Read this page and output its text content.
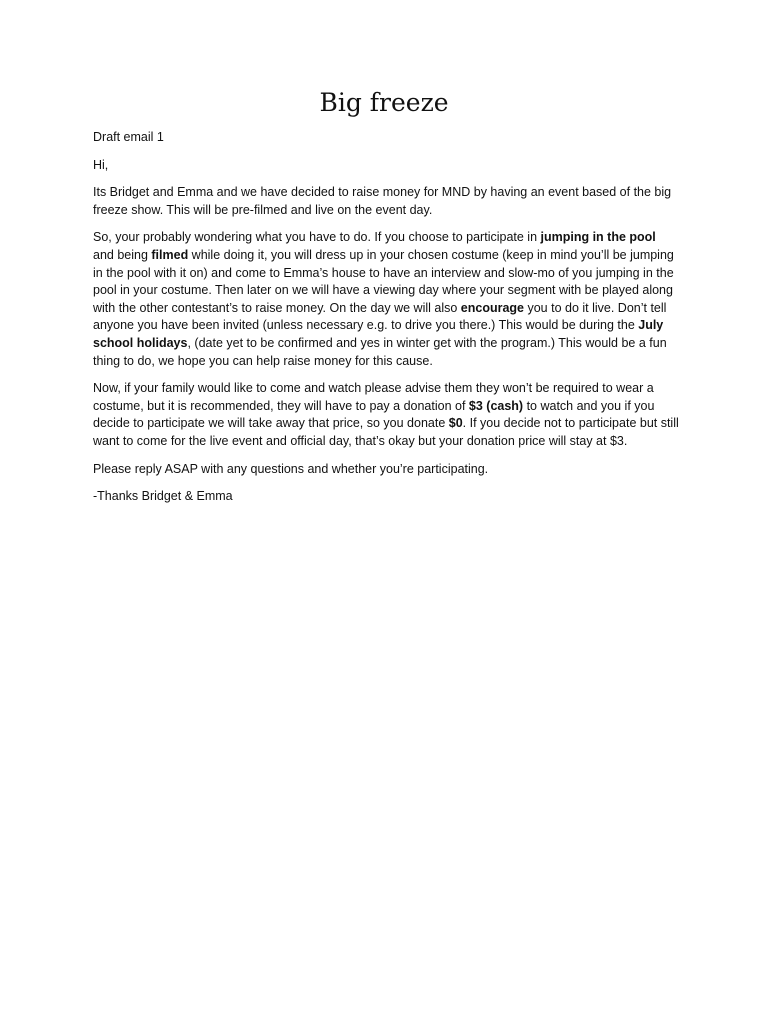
Big freeze

Draft email 1

Hi,

Its Bridget and Emma and we have decided to raise money for MND by having an event based of the big freeze show. This will be pre-filmed and live on the event day.

So, your probably wondering what you have to do. If you choose to participate in jumping in the pool and being filmed while doing it, you will dress up in your chosen costume (keep in mind you’ll be jumping in the pool with it on) and come to Emma’s house to have an interview and slow-mo of you jumping in the pool in your costume. Then later on we will have a viewing day where your segment with be played along with the other contestant’s to raise money. On the day we will also encourage you to do it live. Don’t tell anyone you have been invited (unless necessary e.g. to drive you there.) This would be during the July school holidays, (date yet to be confirmed and yes in winter get with the program.) This would be a fun thing to do, we hope you can help raise money for this cause.

Now, if your family would like to come and watch please advise them they won’t be required to wear a costume, but it is recommended, they will have to pay a donation of $3 (cash) to watch and you if you decide to participate we will take away that price, so you donate $0. If you decide not to participate but still want to come for the live event and official day, that’s okay but your donation price will stay at $3.

Please reply ASAP with any questions and whether you’re participating.

-Thanks Bridget & Emma
